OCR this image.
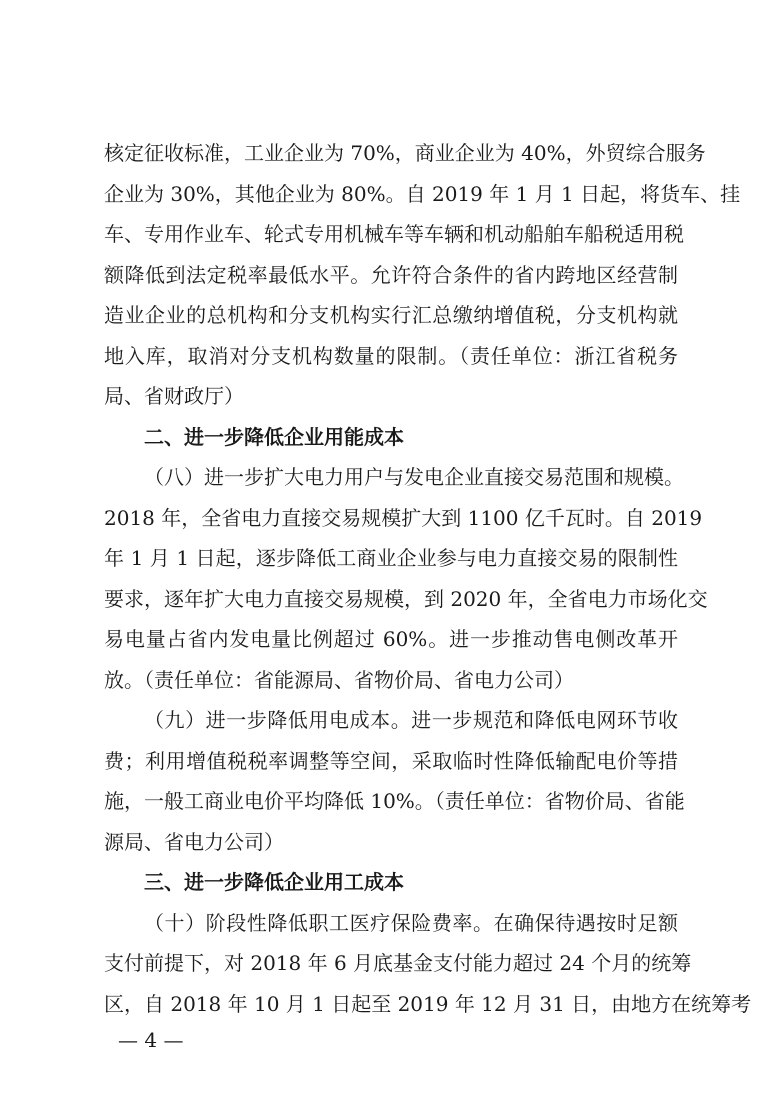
核定征收标准，工业企业为 70%，商业企业为 40%，外贸综合服务
企业为 30%，其他企业为 80%。自 2019 年 1 月 1 日起，将货车、挂
车、专用作业车、轮式专用机械车等车辆和机动船舶车船税适用税
额降低到法定税率最低水平。允许符合条件的省内跨地区经营制
造业企业的总机构和分支机构实行汇总缴纳增值税，分支机构就
地入库，取消对分支机构数量的限制。（责任单位：浙江省税务
局、省财政厅）
二、进一步降低企业用能成本
（八）进一步扩大电力用户与发电企业直接交易范围和规模。
2018 年，全省电力直接交易规模扩大到 1100 亿千瓦时。自 2019
年 1 月 1 日起，逐步降低工商业企业参与电力直接交易的限制性
要求，逐年扩大电力直接交易规模，到 2020 年，全省电力市场化交
易电量占省内发电量比例超过 60%。进一步推动售电侧改革开
放。（责任单位：省能源局、省物价局、省电力公司）
（九）进一步降低用电成本。进一步规范和降低电网环节收
费；利用增值税税率调整等空间，采取临时性降低输配电价等措
施，一般工商业电价平均降低 10%。（责任单位：省物价局、省能
源局、省电力公司）
三、进一步降低企业用工成本
（十）阶段性降低职工医疗保险费率。在确保待遇按时足额
支付前提下，对 2018 年 6 月底基金支付能力超过 24 个月的统筹
区，自 2018 年 10 月 1 日起至 2019 年 12 月 31 日，由地方在统筹考
— 4 —
